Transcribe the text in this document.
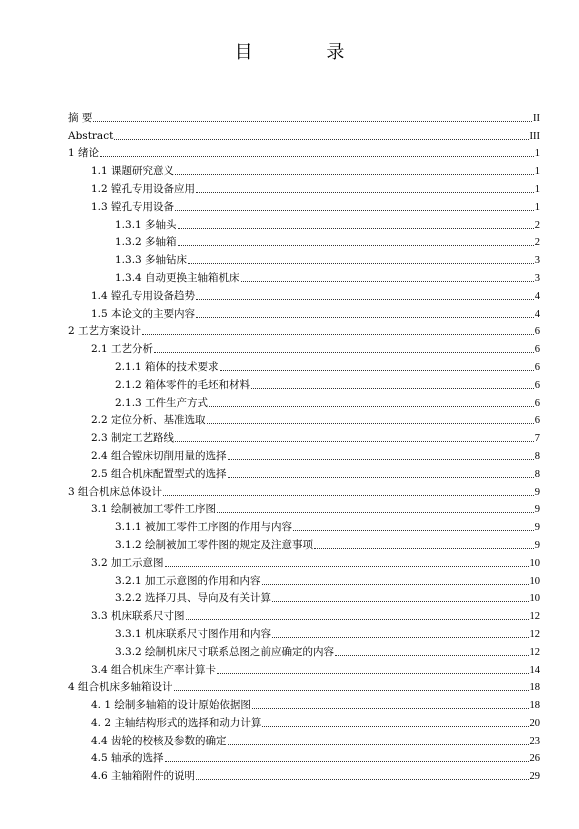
目 录
摘 要	II
Abstract	III
1 绪论	1
1.1 课题研究意义	1
1.2 镗孔专用设备应用	1
1.3 镗孔专用设备	1
1.3.1 多轴头	2
1.3.2 多轴箱	2
1.3.3 多轴钻床	3
1.3.4 自动更换主轴箱机床	3
1.4 镗孔专用设备趋势	4
1.5 本论文的主要内容	4
2 工艺方案设计	6
2.1 工艺分析	6
2.1.1 箱体的技术要求	6
2.1.2 箱体零件的毛坯和材料	6
2.1.3 工件生产方式	6
2.2 定位分析、基准选取	6
2.3 制定工艺路线	7
2.4 组合镗床切削用量的选择	8
2.5 组合机床配置型式的选择	8
3 组合机床总体设计	9
3.1 绘制被加工零件工序图	9
3.1.1 被加工零件工序图的作用与内容	9
3.1.2 绘制被加工零件图的规定及注意事项	9
3.2 加工示意图	10
3.2.1 加工示意图的作用和内容	10
3.2.2 选择刀具、导向及有关计算	10
3.3 机床联系尺寸图	12
3.3.1 机床联系尺寸图作用和内容	12
3.3.2 绘制机床尺寸联系总图之前应确定的内容	12
3.4 组合机床生产率计算卡	14
4 组合机床多轴箱设计	18
4. 1 绘制多轴箱的设计原始依据图	18
4. 2 主轴结构形式的选择和动力计算	20
4.4 齿轮的校核及参数的确定	23
4.5 轴承的选择	26
4.6 主轴箱附件的说明	29
